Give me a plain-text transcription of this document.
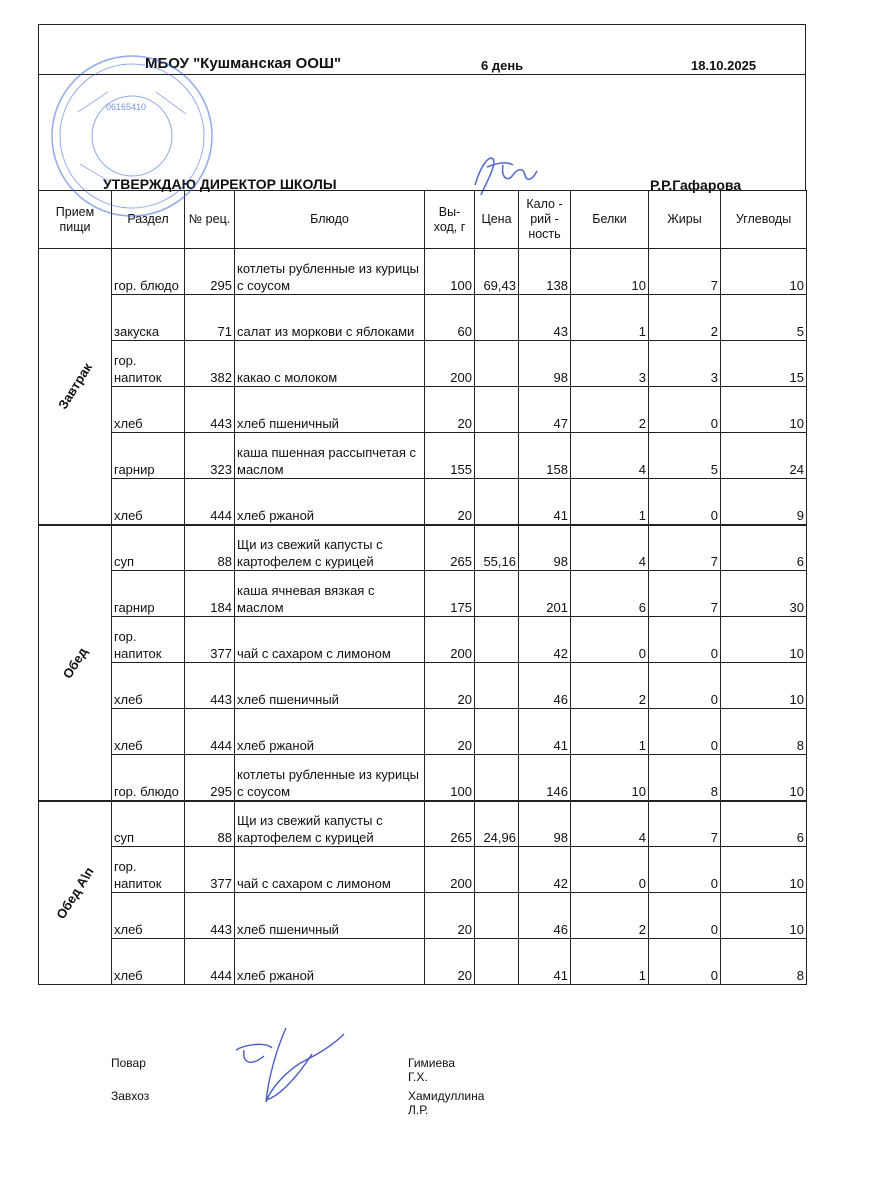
МБОУ "Кушманская ООШ"	6 день	18.10.2025
УТВЕРЖДАЮ ДИРЕКТОР ШКОЛЫ	Р.Р.Гафарова
Прием пищи	Раздел	№ рец.	Блюдо	Вы-ход, г	Цена	Кало - рий - ность	Белки	Жиры	Углеводы

Завтрак	гор. блюдо	295	котлеты рубленные из курицы с соусом	100	69,43	138	10	7	10
	закуска	71	салат из моркови с яблоками	60		43	1	2	5
	гор. напиток	382	какао с молоком	200		98	3	3	15
	хлеб	443	хлеб пшеничный	20		47	2	0	10
	гарнир	323	каша пшенная рассыпчетая с маслом	155		158	4	5	24
	хлеб	444	хлеб ржаной	20		41	1	0	9

Обед	суп	88	Щи из свежий капусты с картофелем с курицей	265	55,16	98	4	7	6
	гарнир	184	каша ячневая вязкая с маслом	175		201	6	7	30
	гор. напиток	377	чай с сахаром с лимоном	200		42	0	0	10
	хлеб	443	хлеб пшеничный	20		46	2	0	10
	хлеб	444	хлеб ржаной	20		41	1	0	8
	гор. блюдо	295	котлеты рубленные из курицы с соусом	100		146	10	8	10

Обед А\п	суп	88	Щи из свежий капусты с картофелем с курицей	265	24,96	98	4	7	6
	гор. напиток	377	чай с сахаром с лимоном	200		42	0	0	10
	хлеб	443	хлеб пшеничный	20		46	2	0	10
	хлеб	444	хлеб ржаной	20		41	1	0	8
06165410
Повар	Гимиева Г.Х.
Завхоз	Хамидуллина Л.Р.
